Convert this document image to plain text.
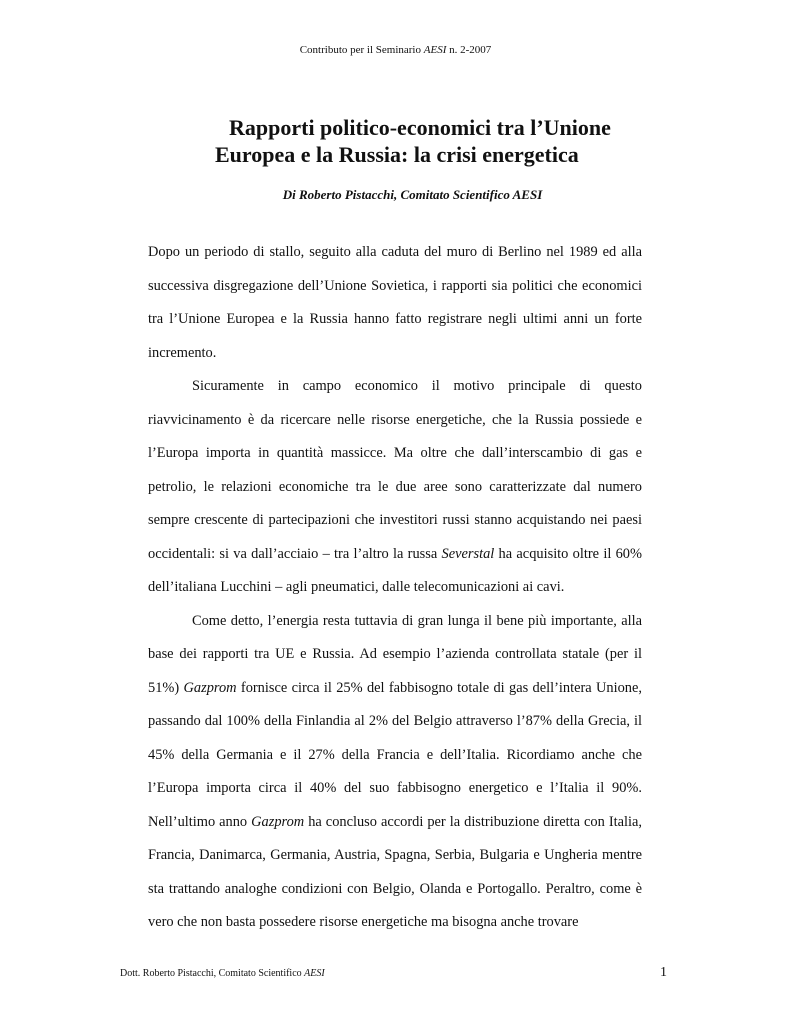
Contributo per il Seminario AESI n. 2-2007
Rapporti politico-economici tra l’Unione
Europea e la Russia: la crisi energetica
Di Roberto Pistacchi, Comitato Scientifico AESI

Dopo un periodo di stallo, seguito alla caduta del muro di Berlino nel 1989 ed alla successiva disgregazione dell’Unione Sovietica, i rapporti sia politici che economici tra l’Unione Europea e la Russia hanno fatto registrare negli ultimi anni un forte incremento.

Sicuramente in campo economico il motivo principale di questo riavvicinamento è da ricercare nelle risorse energetiche, che la Russia possiede e l’Europa importa in quantità massicce. Ma oltre che dall’interscambio di gas e petrolio, le relazioni economiche tra le due aree sono caratterizzate dal numero sempre crescente di partecipazioni che investitori russi stanno acquistando nei paesi occidentali: si va dall’acciaio – tra l’altro la russa Severstal ha acquisito oltre il 60% dell’italiana Lucchini – agli pneumatici, dalle telecomunicazioni ai cavi.

Come detto, l’energia resta tuttavia di gran lunga il bene più importante, alla base dei rapporti tra UE e Russia. Ad esempio l’azienda controllata statale (per il 51%) Gazprom fornisce circa il 25% del fabbisogno totale di gas dell’intera Unione, passando dal 100% della Finlandia al 2% del Belgio attraverso l’87% della Grecia, il 45% della Germania e il 27% della Francia e dell’Italia. Ricordiamo anche che l’Europa importa circa il 40% del suo fabbisogno energetico e l’Italia il 90%. Nell’ultimo anno Gazprom ha concluso accordi per la distribuzione diretta con Italia, Francia, Danimarca, Germania, Austria, Spagna, Serbia, Bulgaria e Ungheria mentre sta trattando analoghe condizioni con Belgio, Olanda e Portogallo. Peraltro, come è vero che non basta possedere risorse energetiche ma bisogna anche trovare

Dott. Roberto Pistacchi, Comitato Scientifico AESI	1
